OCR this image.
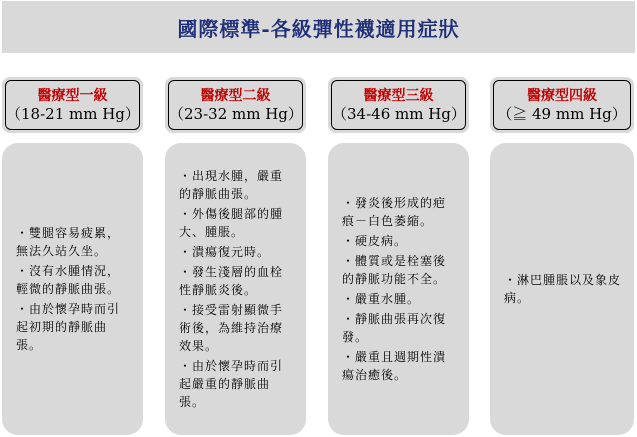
國際標準-各級彈性襪適用症狀
醫療型一級
（18-21 mm Hg）
・雙腿容易疲累，無法久站久坐。
・沒有水腫情況，輕微的靜脈曲張。
・由於懷孕時而引起初期的靜脈曲張。
醫療型二級
（23-32 mm Hg）
・出現水腫，嚴重的靜脈曲張。
・外傷後腿部的腫大、腫脹。
・潰瘍復元時。
・發生淺層的血栓性靜脈炎後。
・接受雷射顯微手術後，為維持治療效果。
・由於懷孕時而引起嚴重的靜脈曲張。
醫療型三級
（34-46 mm Hg）
・發炎後形成的疤痕－白色萎縮。
・硬皮病。
・體質或是栓塞後的靜脈功能不全。
・嚴重水腫。
・靜脈曲張再次復發。
・嚴重且週期性潰瘍治癒後。
醫療型四級
（≧ 49 mm Hg）
・淋巴腫脹以及象皮病。
